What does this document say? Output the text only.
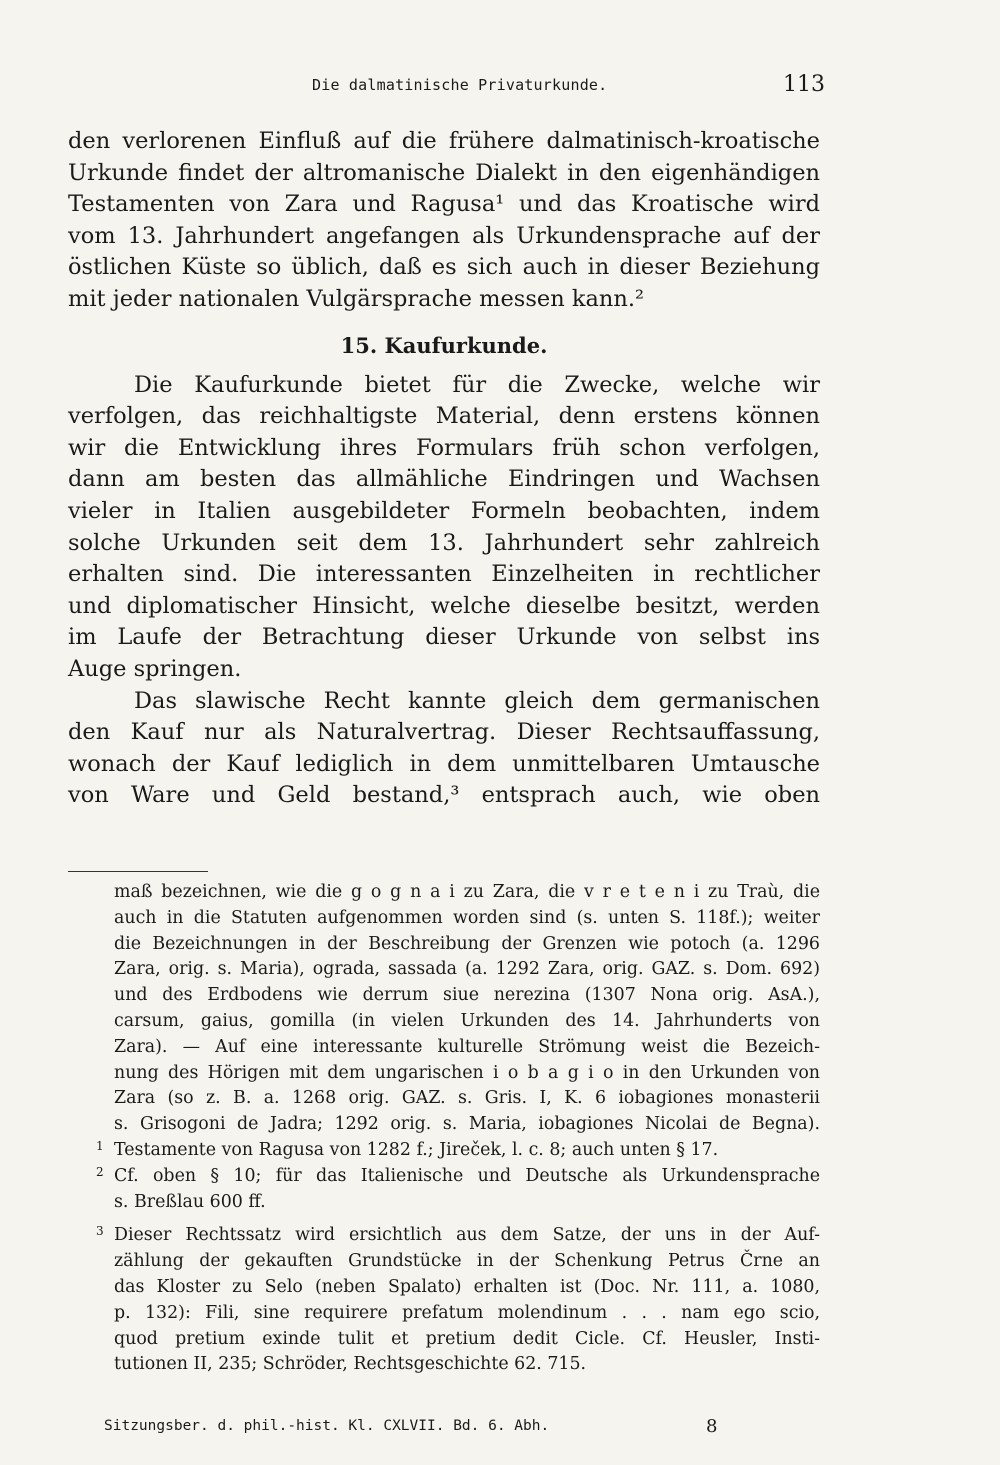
Die dalmatinische Privaturkunde.	113
den verlorenen Einfluß auf die frühere dalmatinisch-kroatische
Urkunde findet der altromanische Dialekt in den eigenhändigen
Testamenten von Zara und Ragusa¹ und das Kroatische wird
vom 13. Jahrhundert angefangen als Urkundensprache auf der
östlichen Küste so üblich, daß es sich auch in dieser Beziehung
mit jeder nationalen Vulgärsprache messen kann.²
15. Kaufurkunde.
Die Kaufurkunde bietet für die Zwecke, welche wir
verfolgen, das reichhaltigste Material, denn erstens können
wir die Entwicklung ihres Formulars früh schon verfolgen,
dann am besten das allmähliche Eindringen und Wachsen
vieler in Italien ausgebildeter Formeln beobachten, indem
solche Urkunden seit dem 13. Jahrhundert sehr zahlreich
erhalten sind. Die interessanten Einzelheiten in rechtlicher
und diplomatischer Hinsicht, welche dieselbe besitzt, werden
im Laufe der Betrachtung dieser Urkunde von selbst ins
Auge springen.
Das slawische Recht kannte gleich dem germanischen
den Kauf nur als Naturalvertrag. Dieser Rechtsauffassung,
wonach der Kauf lediglich in dem unmittelbaren Umtausche
von Ware und Geld bestand,³ entsprach auch, wie oben
maß bezeichnen, wie die g o g n a i zu Zara, die v r e t e n i zu Traù, die
auch in die Statuten aufgenommen worden sind (s. unten S. 118f.); weiter
die Bezeichnungen in der Beschreibung der Grenzen wie potoch (a. 1296
Zara, orig. s. Maria), ograda, sassada (a. 1292 Zara, orig. GAZ. s. Dom. 692)
und des Erdbodens wie derrum siue nerezina (1307 Nona orig. AsA.),
carsum, gaius, gomilla (in vielen Urkunden des 14. Jahrhunderts von
Zara). — Auf eine interessante kulturelle Strömung weist die Bezeich-
nung des Hörigen mit dem ungarischen i o b a g i o in den Urkunden von
Zara (so z. B. a. 1268 orig. GAZ. s. Gris. I, K. 6 iobagiones monasterii
s. Grisogoni de Jadra; 1292 orig. s. Maria, iobagiones Nicolai de Begna).
1 Testamente von Ragusa von 1282 f.; Jireček, l. c. 8; auch unten § 17.
2 Cf. oben § 10; für das Italienische und Deutsche als Urkundensprache
s. Breßlau 600 ff.
3 Dieser Rechtssatz wird ersichtlich aus dem Satze, der uns in der Auf-
zählung der gekauften Grundstücke in der Schenkung Petrus Črne an
das Kloster zu Selo (neben Spalato) erhalten ist (Doc. Nr. 111, a. 1080,
p. 132): Fili, sine requirere prefatum molendinum . . . nam ego scio,
quod pretium exinde tulit et pretium dedit Cicle. Cf. Heusler, Insti-
tutionen II, 235; Schröder, Rechtsgeschichte 62. 715.
Sitzungsber. d. phil.-hist. Kl. CXLVII. Bd. 6. Abh.	8
